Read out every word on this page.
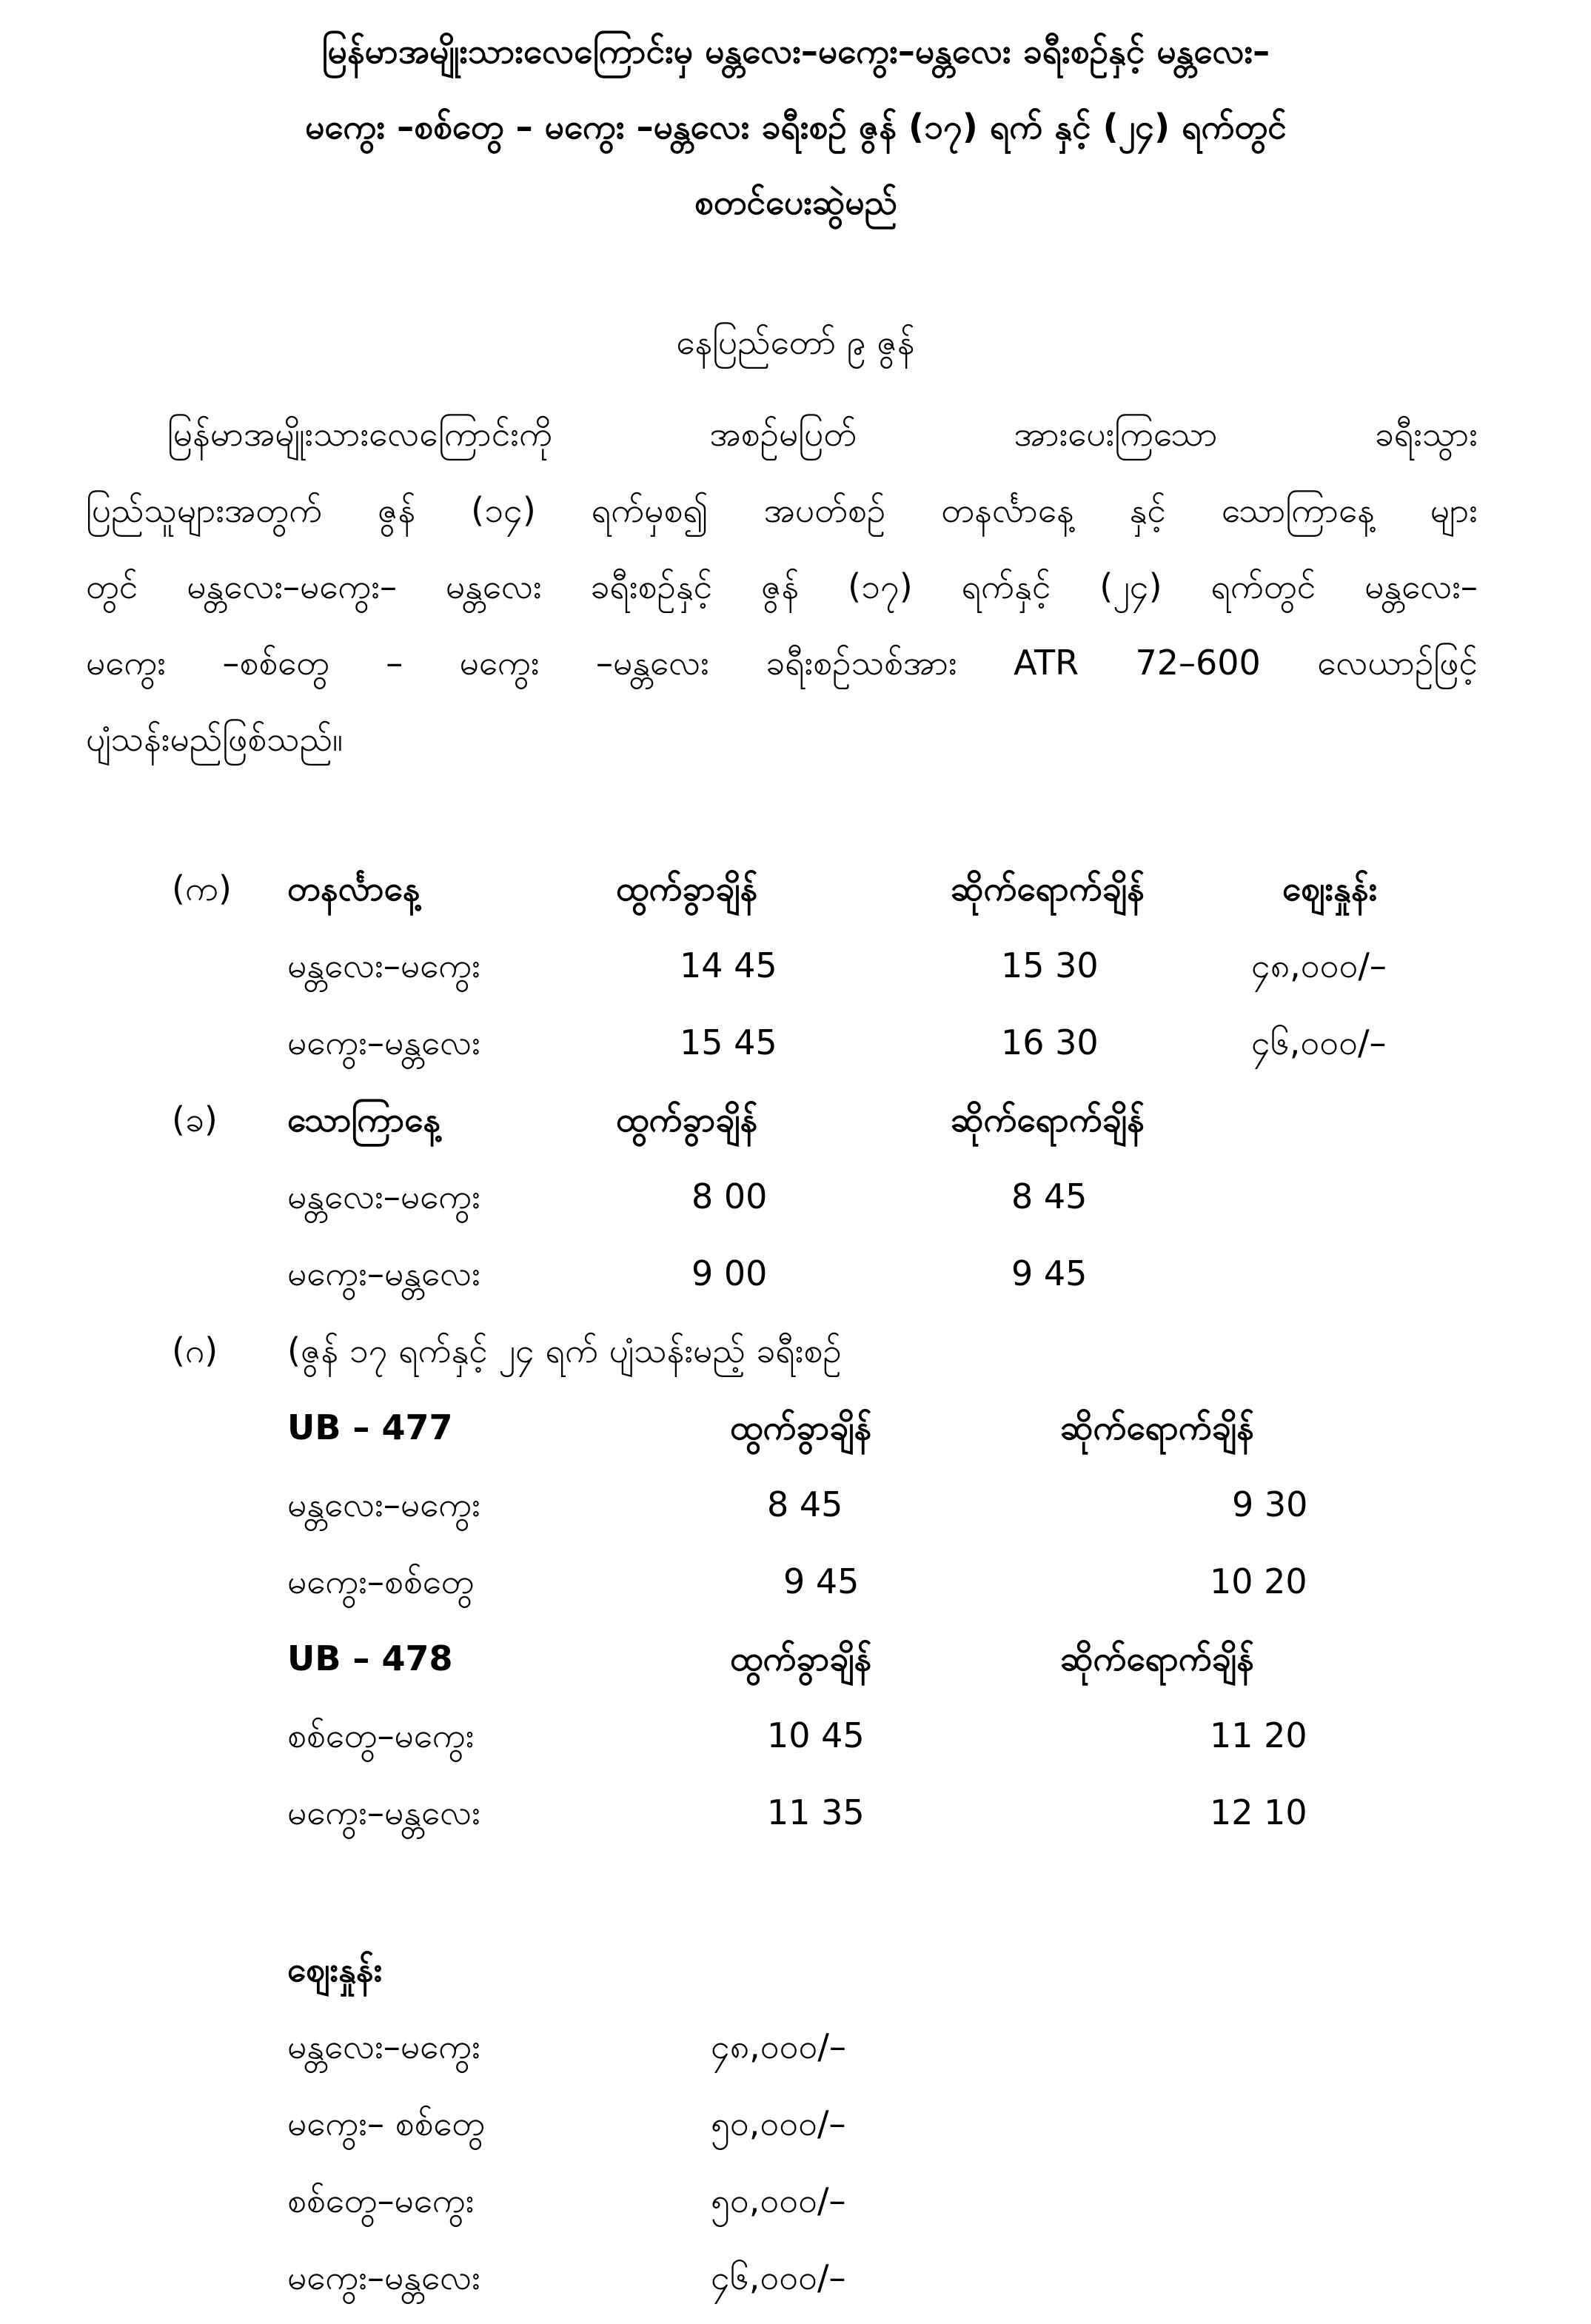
မြန်မာအမျိုးသားလေကြောင်းမှ မန္တလေး–မကွေး–မန္တလေး ခရီးစဉ်နှင့် မန္တလေး–
မကွေး –စစ်တွေ – မကွေး –မန္တလေး ခရီးစဉ် ဇွန် (၁၇) ရက် နှင့် (၂၄) ရက်တွင်
စတင်ပေးဆွဲမည်
နေပြည်တော် ၉ ဇွန်
မြန်မာအမျိုးသားလေကြောင်းကို	အစဉ်မပြတ်	အားပေးကြသော	ခရီးသွား
ပြည်သူများအတွက် ဇွန် (၁၄) ရက်မှစ၍ အပတ်စဉ် တနင်္လာနေ့ နှင့် သောကြာနေ့ များ
တွင် မန္တလေး–မကွေး– မန္တလေး ခရီးစဉ်နှင့် ဇွန် (၁၇) ရက်နှင့် (၂၄) ရက်တွင် မန္တလေး–
မကွေး –စစ်တွေ – မကွေး –မန္တလေး ခရီးစဉ်သစ်အား ATR 72–600 လေယာဉ်ဖြင့်
ပျံသန်းမည်ဖြစ်သည်။
(က) တနင်္လာနေ့	ထွက်ခွာချိန်	ဆိုက်ရောက်ချိန်	ဈေးနှုန်း
မန္တလေး–မကွေး	14 45	15 30	၄၈,၀၀၀/–
မကွေး–မန္တလေး	15 45	16 30	၄၆,၀၀၀/–
(ခ) သောကြာနေ့	ထွက်ခွာချိန်	ဆိုက်ရောက်ချိန်
မန္တလေး–မကွေး	8 00	8 45
မကွေး–မန္တလေး	9 00	9 45
(ဂ) (ဇွန် ၁၇ ရက်နှင့် ၂၄ ရက် ပျံသန်းမည့် ခရီးစဉ်
UB – 477	ထွက်ခွာချိန်	ဆိုက်ရောက်ချိန်
မန္တလေး–မကွေး	8 45	9 30
မကွေး–စစ်တွေ	9 45	10 20
UB – 478	ထွက်ခွာချိန်	ဆိုက်ရောက်ချိန်
စစ်တွေ–မကွေး	10 45	11 20
မကွေး–မန္တလေး	11 35	12 10
ဈေးနှုန်း
မန္တလေး–မကွေး	၄၈,၀၀၀/–
မကွေး– စစ်တွေ	၅၀,၀၀၀/–
စစ်တွေ–မကွေး	၅၀,၀၀၀/–
မကွေး–မန္တလေး	၄၆,၀၀၀/–
